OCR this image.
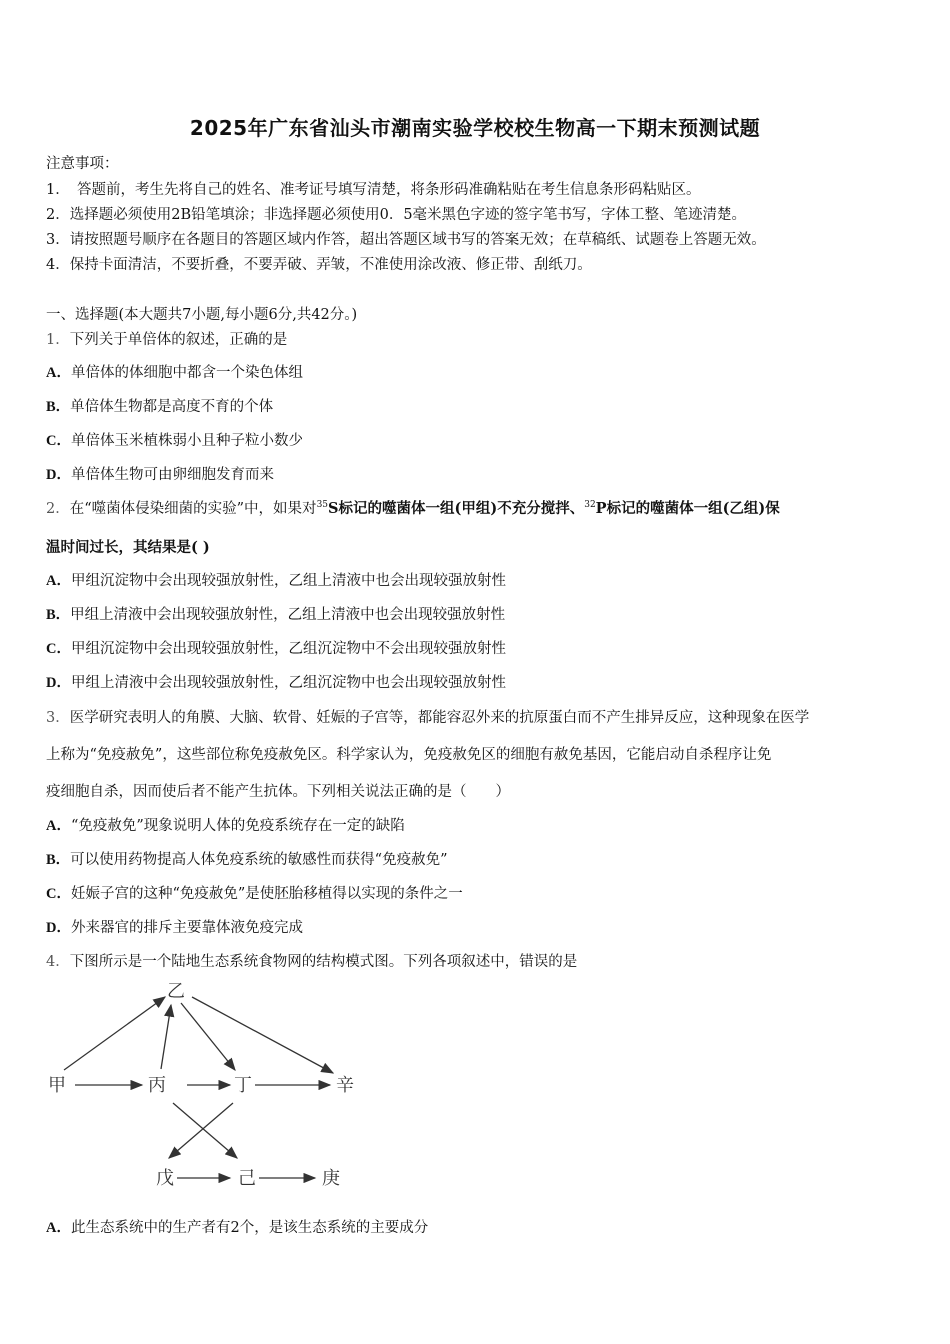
2025年广东省汕头市潮南实验学校校生物高一下期末预测试题
注意事项：
1．　答题前，考生先将自己的姓名、准考证号填写清楚，将条形码准确粘贴在考生信息条形码粘贴区。
2．选择题必须使用2B铅笔填涂；非选择题必须使用0．5毫米黑色字迹的签字笔书写，字体工整、笔迹清楚。
3．请按照题号顺序在各题目的答题区域内作答，超出答题区域书写的答案无效；在草稿纸、试题卷上答题无效。
4．保持卡面清洁，不要折叠，不要弄破、弄皱，不准使用涂改液、修正带、刮纸刀。
一、选择题(本大题共7小题,每小题6分,共42分。)
1．下列关于单倍体的叙述，正确的是
A．单倍体的体细胞中都含一个染色体组
B．单倍体生物都是高度不育的个体
C．单倍体玉米植株弱小且种子粒小数少
D．单倍体生物可由卵细胞发育而来
2．在“噬菌体侵染细菌的实验”中，如果对$^{35}$S标记的噬菌体一组(甲组)不充分搅拌、$^{32}$P标记的噬菌体一组(乙组)保
温时间过长，其结果是( )
A．甲组沉淀物中会出现较强放射性，乙组上清液中也会出现较强放射性
B．甲组上清液中会出现较强放射性，乙组上清液中也会出现较强放射性
C．甲组沉淀物中会出现较强放射性，乙组沉淀物中不会出现较强放射性
D．甲组上清液中会出现较强放射性，乙组沉淀物中也会出现较强放射性
3．医学研究表明人的角膜、大脑、软骨、妊娠的子宫等，都能容忍外来的抗原蛋白而不产生排异反应，这种现象在医学
上称为“免疫赦免”，这些部位称免疫赦免区。科学家认为，免疫赦免区的细胞有赦免基因，它能启动自杀程序让免
疫细胞自杀，因而使后者不能产生抗体。下列相关说法正确的是（　　）
A．“免疫赦免”现象说明人体的免疫系统存在一定的缺陷
B．可以使用药物提高人体免疫系统的敏感性而获得“免疫赦免”
C．妊娠子宫的这种“免疫赦免”是使胚胎移植得以实现的条件之一
D．外来器官的排斥主要靠体液免疫完成
4．下图所示是一个陆地生态系统食物网的结构模式图。下列各项叙述中，错误的是
乙
甲	丙	丁	辛
戊	己	庚
A．此生态系统中的生产者有2个，是该生态系统的主要成分
